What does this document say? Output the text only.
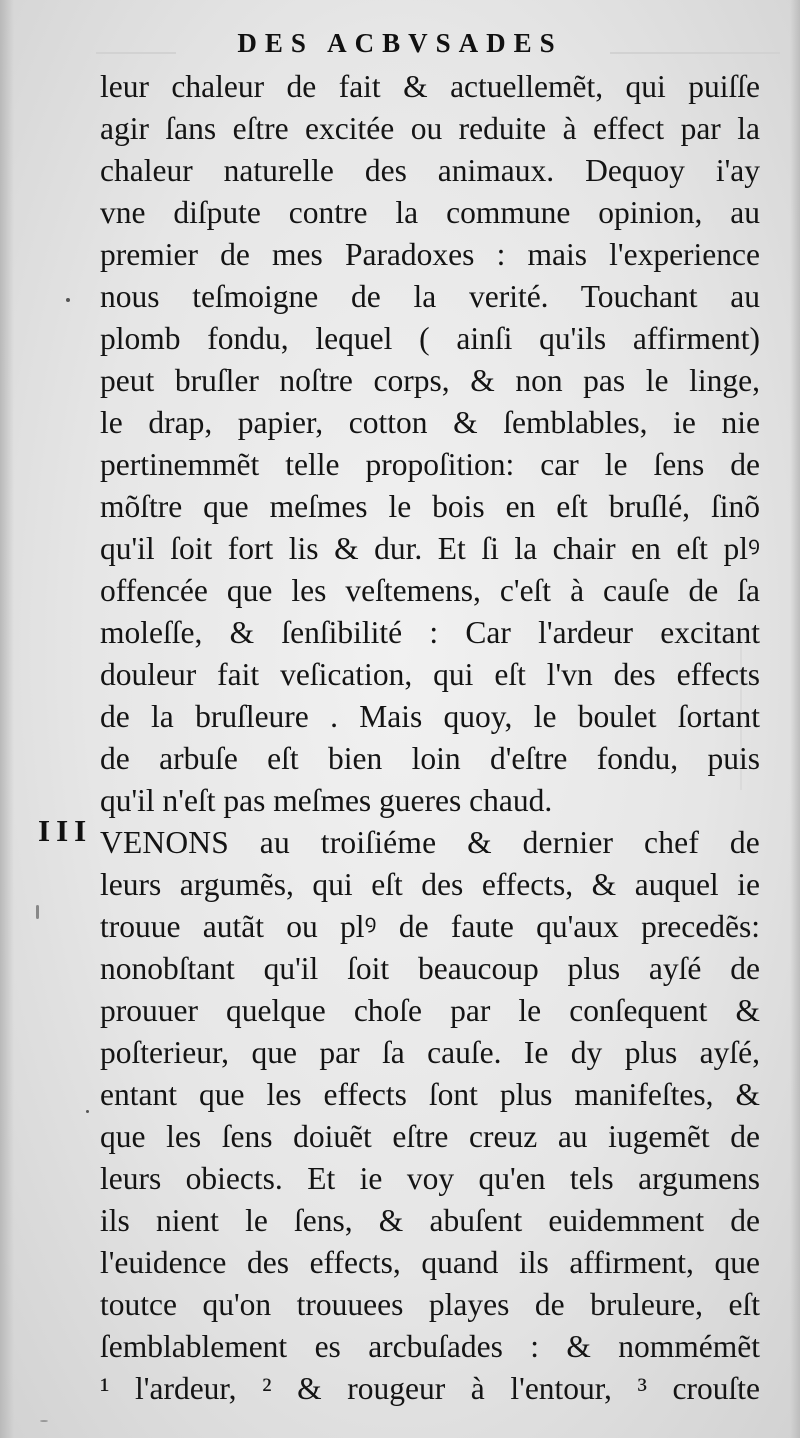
DES ACBVSADES
III
leur chaleur de fait & actuellemẽt, qui puiſſe
agir ſans eſtre excitée ou reduite à effect par la
chaleur naturelle des animaux. Dequoy i'ay
vne diſpute contre la commune opinion, au
premier de mes Paradoxes : mais l'experience
nous teſmoigne de la verité. Touchant au
plomb fondu, lequel ( ainſi qu'ils affirment)
peut bruſler noſtre corps, & non pas le linge,
le drap, papier, cotton & ſemblables, ie nie
pertinemmẽt telle propoſition: car le ſens de
mõſtre que meſmes le bois en eſt bruſlé, ſinõ
qu'il ſoit fort lis & dur. Et ſi la chair en eſt plꝰ
offencée que les veſtemens, c'eſt à cauſe de ſa
moleſſe, & ſenſibilité : Car l'ardeur excitant
douleur fait veſication, qui eſt l'vn des effects
de la bruſleure . Mais quoy, le boulet ſortant
de arbuſe eſt bien loin d'eſtre fondu, puis
qu'il n'eſt pas meſmes gueres chaud.
VENONS au troiſiéme & dernier chef de
leurs argumẽs, qui eſt des effects, & auquel ie
trouue autãt ou plꝰ de faute qu'aux precedẽs:
nonobſtant qu'il ſoit beaucoup plus ayſé de
prouuer quelque choſe par le conſequent &
poſterieur, que par ſa cauſe. Ie dy plus ayſé,
entant que les effects ſont plus manifeſtes, &
que les ſens doiuẽt eſtre creuz au iugemẽt de
leurs obiects. Et ie voy qu'en tels argumens
ils nient le ſens, & abuſent euidemment de
l'euidence des effects, quand ils affirment, que
toutce qu'on trouuees playes de bruleure, eſt
ſemblablement es arcbuſades : & nommémẽt
¹ l'ardeur, ² & rougeur à l'entour, ³ crouſte
